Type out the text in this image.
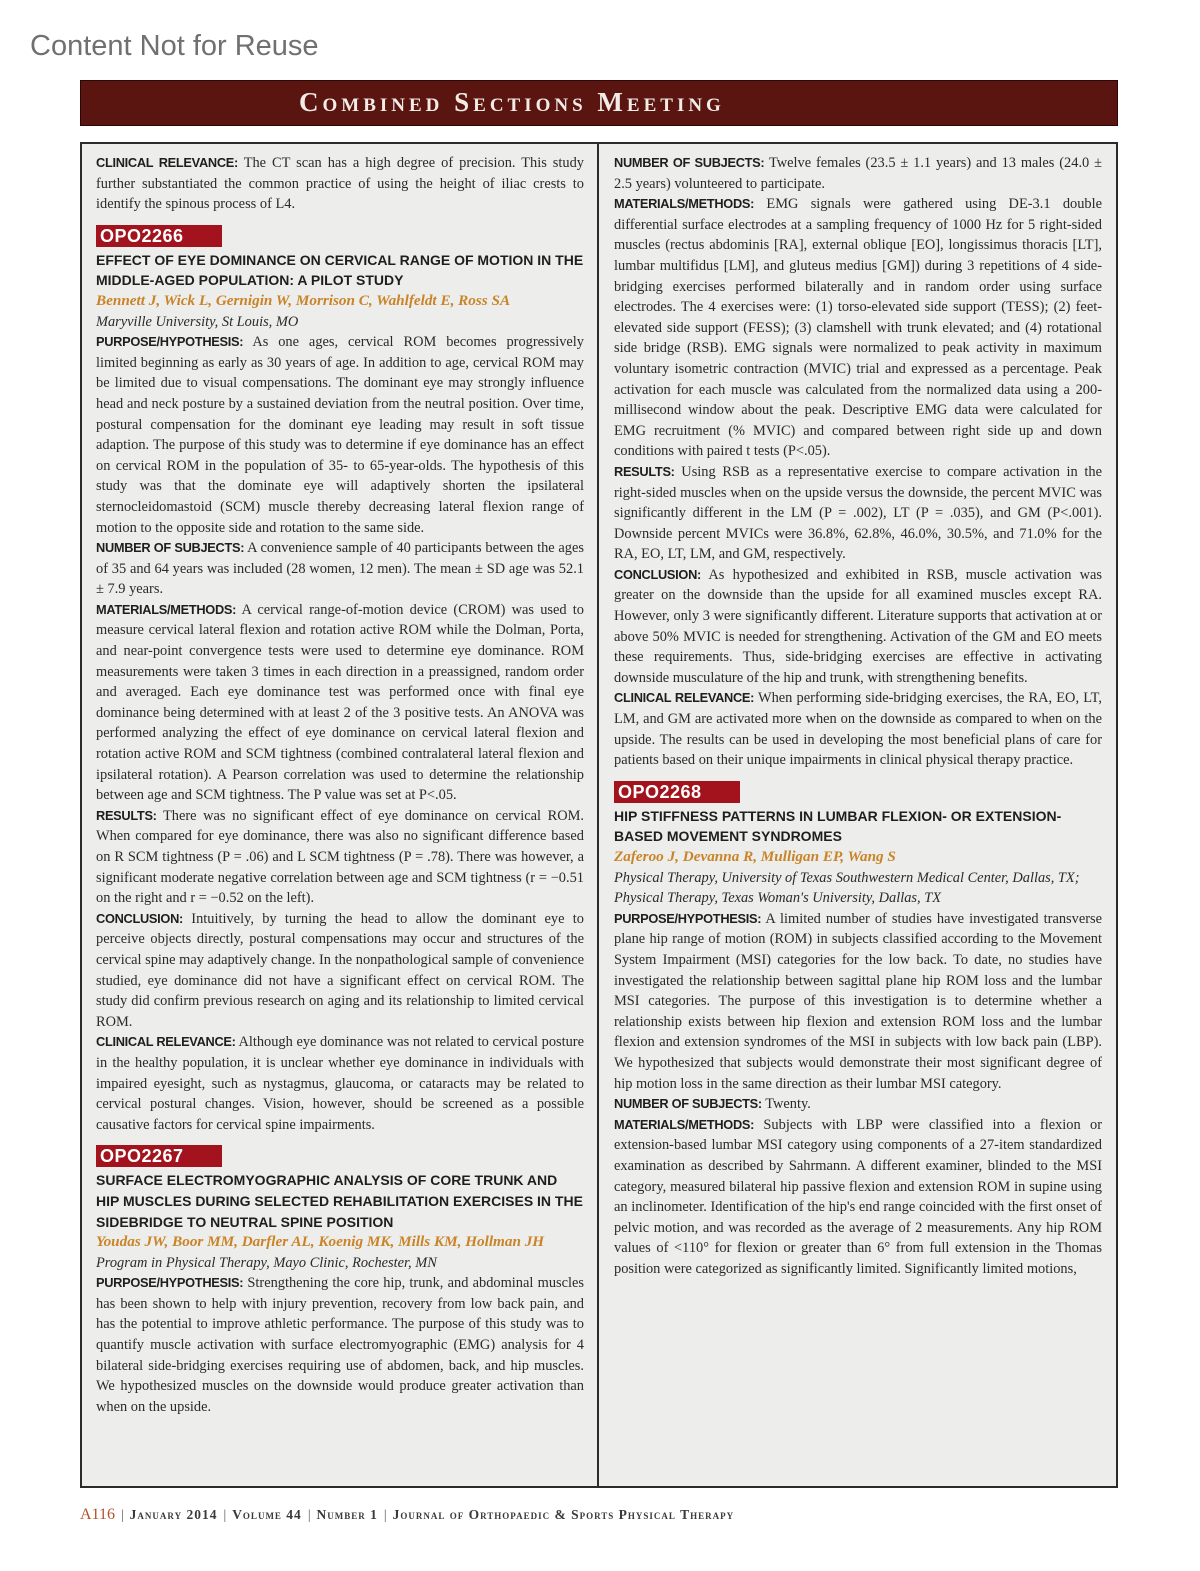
Content Not for Reuse
Combined Sections Meeting

CLINICAL RELEVANCE: The CT scan has a high degree of precision. This study further substantiated the common practice of using the height of iliac crests to identify the spinous process of L4.

OPO2266

EFFECT OF EYE DOMINANCE ON CERVICAL RANGE OF MOTION IN THE MIDDLE-AGED POPULATION: A PILOT STUDY

Bennett J, Wick L, Gernigin W, Morrison C, Wahlfeldt E, Ross SA

Maryville University, St Louis, MO

PURPOSE/HYPOTHESIS: As one ages, cervical ROM becomes progressively limited beginning as early as 30 years of age. In addition to age, cervical ROM may be limited due to visual compensations. The dominant eye may strongly influence head and neck posture by a sustained deviation from the neutral position. Over time, postural compensation for the dominant eye leading may result in soft tissue adaption. The purpose of this study was to determine if eye dominance has an effect on cervical ROM in the population of 35- to 65-year-olds. The hypothesis of this study was that the dominate eye will adaptively shorten the ipsilateral sternocleidomastoid (SCM) muscle thereby decreasing lateral flexion range of motion to the opposite side and rotation to the same side.

NUMBER OF SUBJECTS: A convenience sample of 40 participants between the ages of 35 and 64 years was included (28 women, 12 men). The mean ± SD age was 52.1 ± 7.9 years.

MATERIALS/METHODS: A cervical range-of-motion device (CROM) was used to measure cervical lateral flexion and rotation active ROM while the Dolman, Porta, and near-point convergence tests were used to determine eye dominance. ROM measurements were taken 3 times in each direction in a preassigned, random order and averaged. Each eye dominance test was performed once with final eye dominance being determined with at least 2 of the 3 positive tests. An ANOVA was performed analyzing the effect of eye dominance on cervical lateral flexion and rotation active ROM and SCM tightness (combined contralateral lateral flexion and ipsilateral rotation). A Pearson correlation was used to determine the relationship between age and SCM tightness. The P value was set at P<.05.

RESULTS: There was no significant effect of eye dominance on cervical ROM. When compared for eye dominance, there was also no significant difference based on R SCM tightness (P = .06) and L SCM tightness (P = .78). There was however, a significant moderate negative correlation between age and SCM tightness (r = −0.51 on the right and r = −0.52 on the left).

CONCLUSION: Intuitively, by turning the head to allow the dominant eye to perceive objects directly, postural compensations may occur and structures of the cervical spine may adaptively change. In the nonpathological sample of convenience studied, eye dominance did not have a significant effect on cervical ROM. The study did confirm previous research on aging and its relationship to limited cervical ROM.

CLINICAL RELEVANCE: Although eye dominance was not related to cervical posture in the healthy population, it is unclear whether eye dominance in individuals with impaired eyesight, such as nystagmus, glaucoma, or cataracts may be related to cervical postural changes. Vision, however, should be screened as a possible causative factors for cervical spine impairments.

OPO2267

SURFACE ELECTROMYOGRAPHIC ANALYSIS OF CORE TRUNK AND HIP MUSCLES DURING SELECTED REHABILITATION EXERCISES IN THE SIDEBRIDGE TO NEUTRAL SPINE POSITION

Youdas JW, Boor MM, Darfler AL, Koenig MK, Mills KM, Hollman JH

Program in Physical Therapy, Mayo Clinic, Rochester, MN

PURPOSE/HYPOTHESIS: Strengthening the core hip, trunk, and abdominal muscles has been shown to help with injury prevention, recovery from low back pain, and has the potential to improve athletic performance. The purpose of this study was to quantify muscle activation with surface electromyographic (EMG) analysis for 4 bilateral side-bridging exercises requiring use of abdomen, back, and hip muscles. We hypothesized muscles on the downside would produce greater activation than when on the upside.

NUMBER OF SUBJECTS: Twelve females (23.5 ± 1.1 years) and 13 males (24.0 ± 2.5 years) volunteered to participate.

MATERIALS/METHODS: EMG signals were gathered using DE-3.1 double differential surface electrodes at a sampling frequency of 1000 Hz for 5 right-sided muscles (rectus abdominis [RA], external oblique [EO], longissimus thoracis [LT], lumbar multifidus [LM], and gluteus medius [GM]) during 3 repetitions of 4 side-bridging exercises performed bilaterally and in random order using surface electrodes. The 4 exercises were: (1) torso-elevated side support (TESS); (2) feet-elevated side support (FESS); (3) clamshell with trunk elevated; and (4) rotational side bridge (RSB). EMG signals were normalized to peak activity in maximum voluntary isometric contraction (MVIC) trial and expressed as a percentage. Peak activation for each muscle was calculated from the normalized data using a 200-millisecond window about the peak. Descriptive EMG data were calculated for EMG recruitment (% MVIC) and compared between right side up and down conditions with paired t tests (P<.05).

RESULTS: Using RSB as a representative exercise to compare activation in the right-sided muscles when on the upside versus the downside, the percent MVIC was significantly different in the LM (P = .002), LT (P = .035), and GM (P<.001). Downside percent MVICs were 36.8%, 62.8%, 46.0%, 30.5%, and 71.0% for the RA, EO, LT, LM, and GM, respectively.

CONCLUSION: As hypothesized and exhibited in RSB, muscle activation was greater on the downside than the upside for all examined muscles except RA. However, only 3 were significantly different. Literature supports that activation at or above 50% MVIC is needed for strengthening. Activation of the GM and EO meets these requirements. Thus, side-bridging exercises are effective in activating downside musculature of the hip and trunk, with strengthening benefits.

CLINICAL RELEVANCE: When performing side-bridging exercises, the RA, EO, LT, LM, and GM are activated more when on the downside as compared to when on the upside. The results can be used in developing the most beneficial plans of care for patients based on their unique impairments in clinical physical therapy practice.

OPO2268

HIP STIFFNESS PATTERNS IN LUMBAR FLEXION- OR EXTENSION-BASED MOVEMENT SYNDROMES

Zaferoo J, Devanna R, Mulligan EP, Wang S

Physical Therapy, University of Texas Southwestern Medical Center, Dallas, TX; Physical Therapy, Texas Woman's University, Dallas, TX

PURPOSE/HYPOTHESIS: A limited number of studies have investigated transverse plane hip range of motion (ROM) in subjects classified according to the Movement System Impairment (MSI) categories for the low back. To date, no studies have investigated the relationship between sagittal plane hip ROM loss and the lumbar MSI categories. The purpose of this investigation is to determine whether a relationship exists between hip flexion and extension ROM loss and the lumbar flexion and extension syndromes of the MSI in subjects with low back pain (LBP). We hypothesized that subjects would demonstrate their most significant degree of hip motion loss in the same direction as their lumbar MSI category.

NUMBER OF SUBJECTS: Twenty.

MATERIALS/METHODS: Subjects with LBP were classified into a flexion or extension-based lumbar MSI category using components of a 27-item standardized examination as described by Sahrmann. A different examiner, blinded to the MSI category, measured bilateral hip passive flexion and extension ROM in supine using an inclinometer. Identification of the hip's end range coincided with the first onset of pelvic motion, and was recorded as the average of 2 measurements. Any hip ROM values of <110° for flexion or greater than 6° from full extension in the Thomas position were categorized as significantly limited. Significantly limited motions,

A116 | January 2014 | Volume 44 | Number 1 | Journal of Orthopaedic & Sports Physical Therapy
